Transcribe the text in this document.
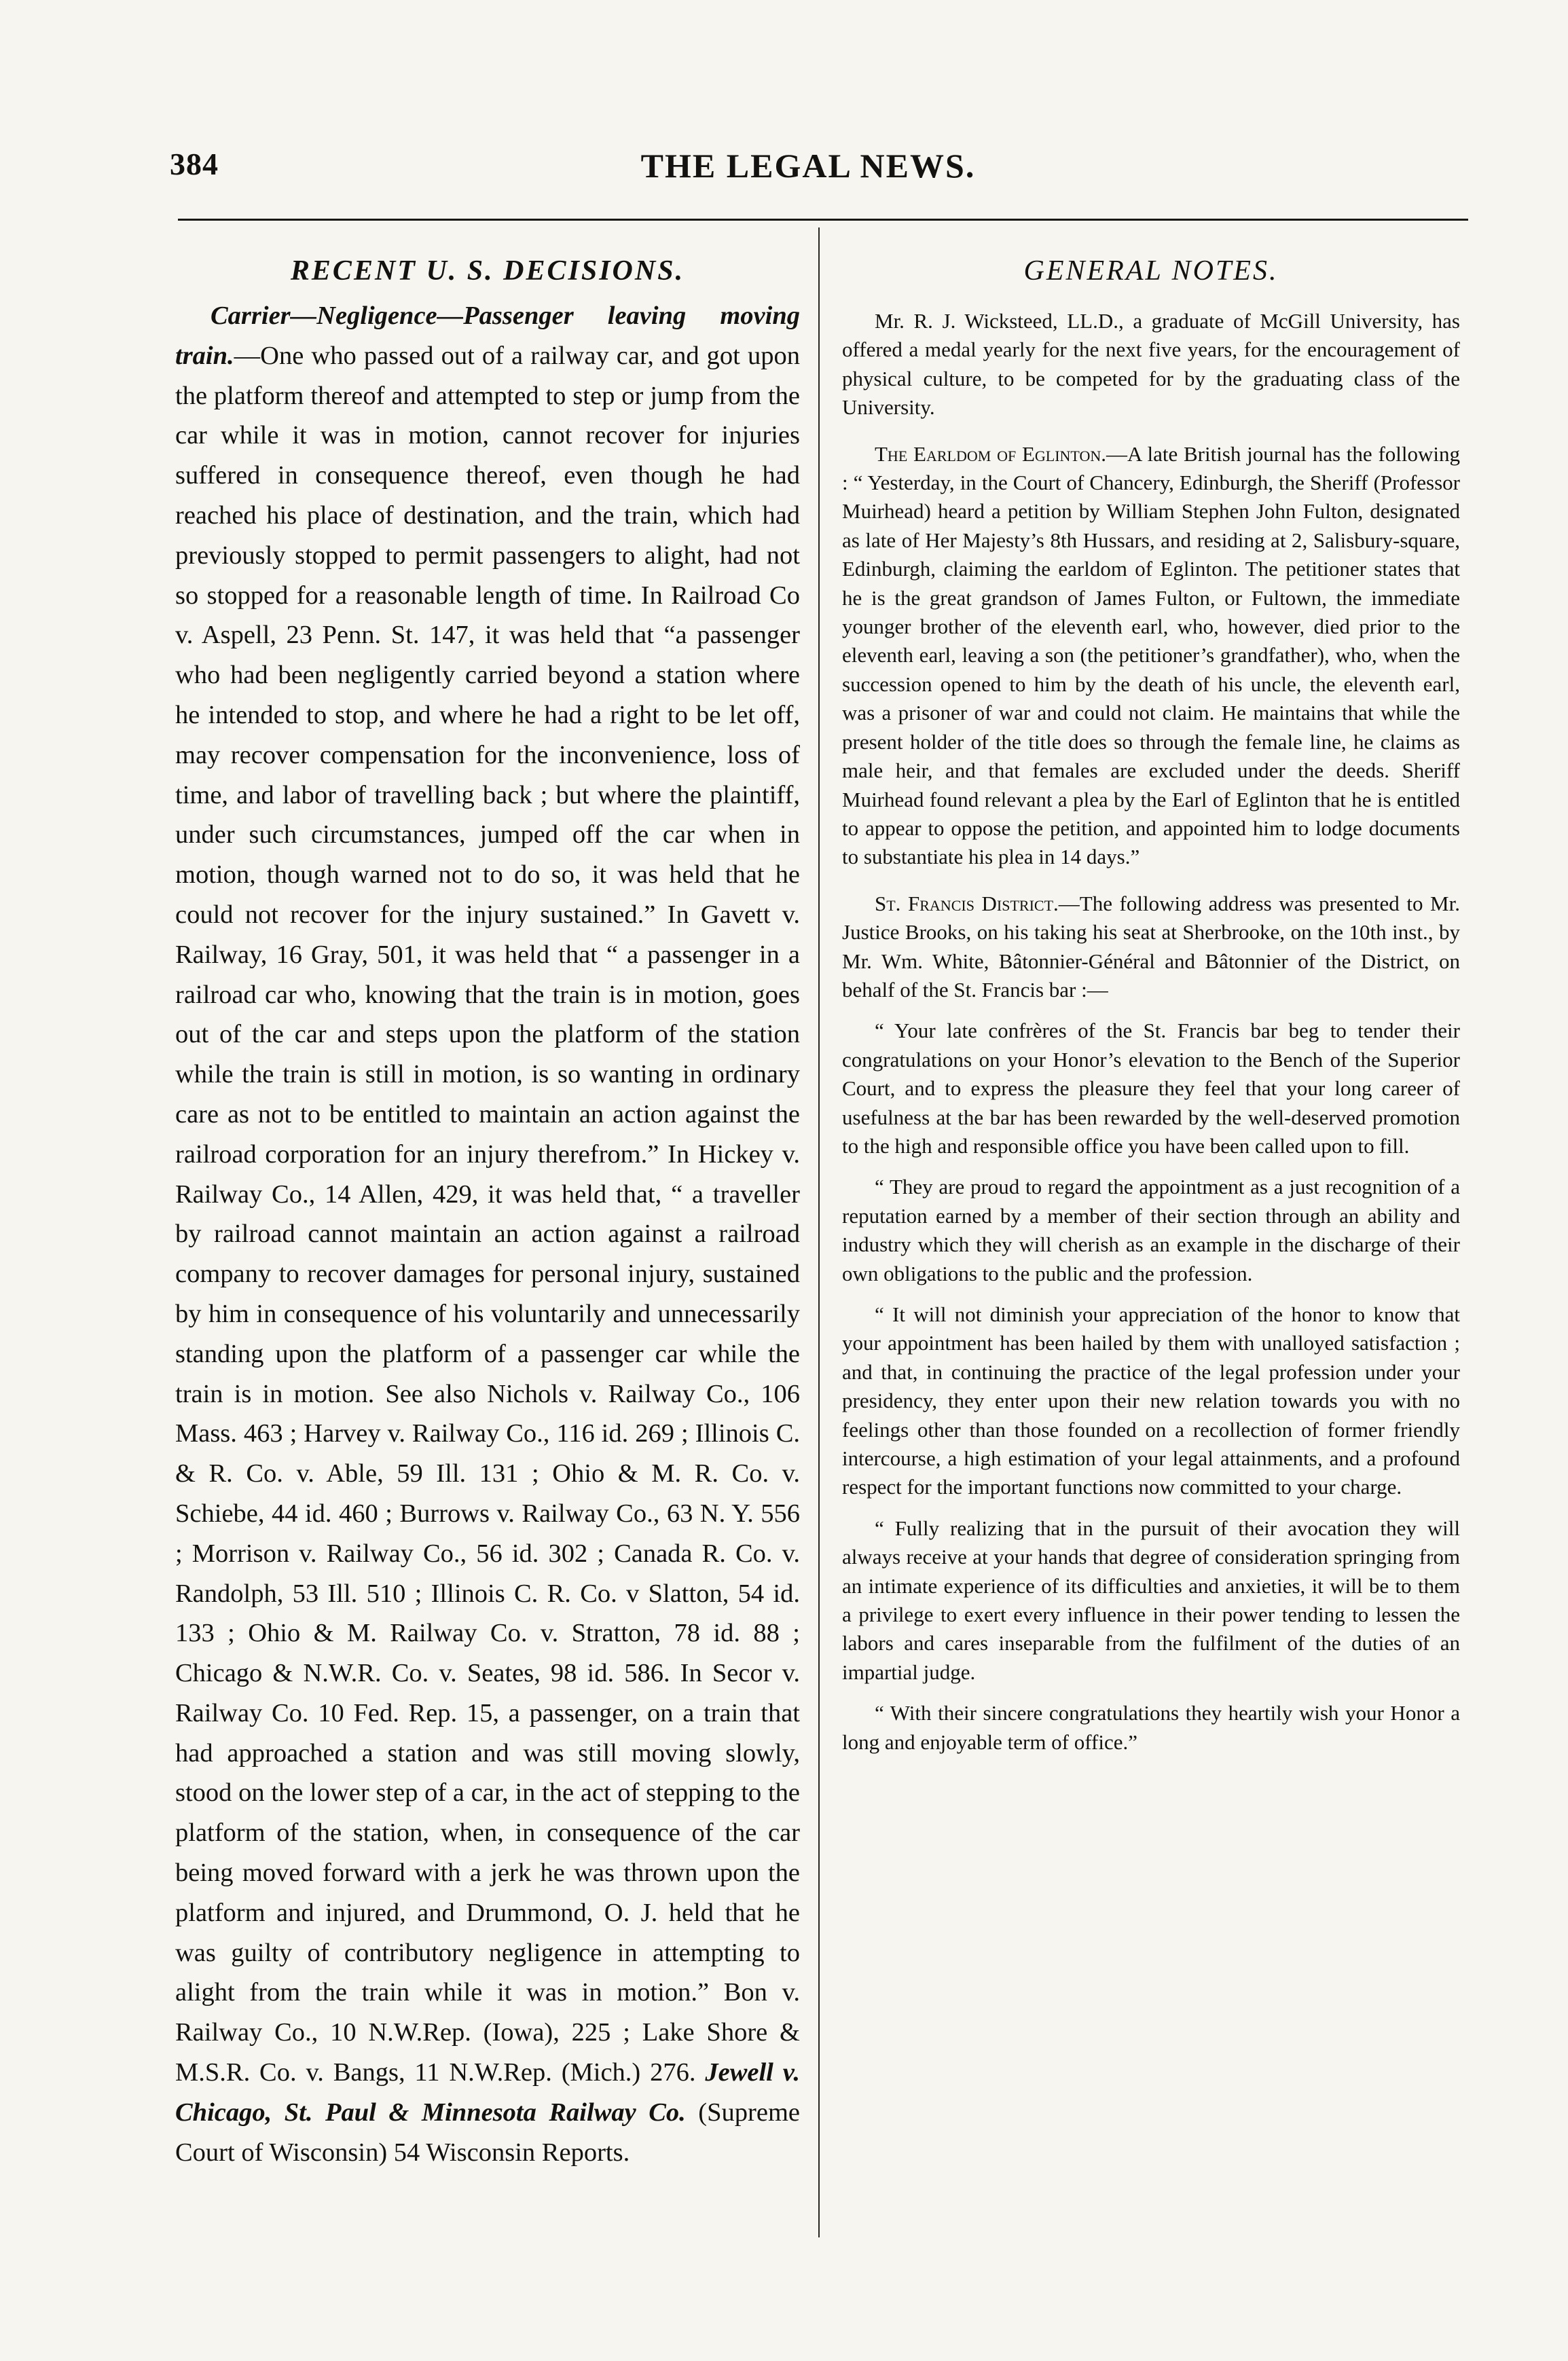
384	THE LEGAL NEWS.
RECENT U. S. DECISIONS.

Carrier—Negligence—Passenger leaving moving train.—One who passed out of a railway car, and got upon the platform thereof and attempted to step or jump from the car while it was in motion, cannot recover for injuries suffered in consequence thereof, even though he had reached his place of destination, and the train, which had previously stopped to permit passengers to alight, had not so stopped for a reasonable length of time. In Railroad Co v. Aspell, 23 Penn. St. 147, it was held that “a passenger who had been negligently carried beyond a station where he intended to stop, and where he had a right to be let off, may recover compensation for the inconvenience, loss of time, and labor of travelling back ; but where the plaintiff, under such circumstances, jumped off the car when in motion, though warned not to do so, it was held that he could not recover for the injury sustained.” In Gavett v. Railway, 16 Gray, 501, it was held that “ a passenger in a railroad car who, knowing that the train is in motion, goes out of the car and steps upon the platform of the station while the train is still in motion, is so wanting in ordinary care as not to be entitled to maintain an action against the railroad corporation for an injury therefrom.” In Hickey v. Railway Co., 14 Allen, 429, it was held that, “ a traveller by railroad cannot maintain an action against a railroad company to recover damages for personal injury, sustained by him in consequence of his voluntarily and unnecessarily standing upon the platform of a passenger car while the train is in motion. See also Nichols v. Railway Co., 106 Mass. 463 ; Harvey v. Railway Co., 116 id. 269 ; Illinois C. & R. Co. v. Able, 59 Ill. 131 ; Ohio & M. R. Co. v. Schiebe, 44 id. 460 ; Burrows v. Railway Co., 63 N. Y. 556 ; Morrison v. Railway Co., 56 id. 302 ; Canada R. Co. v. Randolph, 53 Ill. 510 ; Illinois C. R. Co. v Slatton, 54 id. 133 ; Ohio & M. Railway Co. v. Stratton, 78 id. 88 ; Chicago & N.W.R. Co. v. Seates, 98 id. 586. In Secor v. Railway Co. 10 Fed. Rep. 15, a passenger, on a train that had approached a station and was still moving slowly, stood on the lower step of a car, in the act of stepping to the platform of the station, when, in consequence of the car being moved forward with a jerk he was thrown upon the platform and injured, and Drummond, O. J. held that he was guilty of contributory negligence in attempting to alight from the train while it was in motion.” Bon v. Railway Co., 10 N.W.Rep. (Iowa), 225 ; Lake Shore & M.S.R. Co. v. Bangs, 11 N.W.Rep. (Mich.) 276. Jewell v. Chicago, St. Paul & Minnesota Railway Co. (Supreme Court of Wisconsin) 54 Wisconsin Reports.

GENERAL NOTES.

Mr. R. J. Wicksteed, LL.D., a graduate of McGill University, has offered a medal yearly for the next five years, for the encouragement of physical culture, to be competed for by the graduating class of the University.

The Earldom of Eglinton.—A late British journal has the following : “ Yesterday, in the Court of Chancery, Edinburgh, the Sheriff (Professor Muirhead) heard a petition by William Stephen John Fulton, designated as late of Her Majesty’s 8th Hussars, and residing at 2, Salisbury-square, Edinburgh, claiming the earldom of Eglinton. The petitioner states that he is the great grandson of James Fulton, or Fultown, the immediate younger brother of the eleventh earl, who, however, died prior to the eleventh earl, leaving a son (the petitioner’s grandfather), who, when the succession opened to him by the death of his uncle, the eleventh earl, was a prisoner of war and could not claim. He maintains that while the present holder of the title does so through the female line, he claims as male heir, and that females are excluded under the deeds. Sheriff Muirhead found relevant a plea by the Earl of Eglinton that he is entitled to appear to oppose the petition, and appointed him to lodge documents to substantiate his plea in 14 days.”

St. Francis District.—The following address was presented to Mr. Justice Brooks, on his taking his seat at Sherbrooke, on the 10th inst., by Mr. Wm. White, Bâtonnier-Général and Bâtonnier of the District, on behalf of the St. Francis bar :—

“ Your late confrères of the St. Francis bar beg to tender their congratulations on your Honor’s elevation to the Bench of the Superior Court, and to express the pleasure they feel that your long career of usefulness at the bar has been rewarded by the well-deserved promotion to the high and responsible office you have been called upon to fill.

“ They are proud to regard the appointment as a just recognition of a reputation earned by a member of their section through an ability and industry which they will cherish as an example in the discharge of their own obligations to the public and the profession.

“ It will not diminish your appreciation of the honor to know that your appointment has been hailed by them with unalloyed satisfaction ; and that, in continuing the practice of the legal profession under your presidency, they enter upon their new relation towards you with no feelings other than those founded on a recollection of former friendly intercourse, a high estimation of your legal attainments, and a profound respect for the important functions now committed to your charge.

“ Fully realizing that in the pursuit of their avocation they will always receive at your hands that degree of consideration springing from an intimate experience of its difficulties and anxieties, it will be to them a privilege to exert every influence in their power tending to lessen the labors and cares inseparable from the fulfilment of the duties of an impartial judge.

“ With their sincere congratulations they heartily wish your Honor a long and enjoyable term of office.”
